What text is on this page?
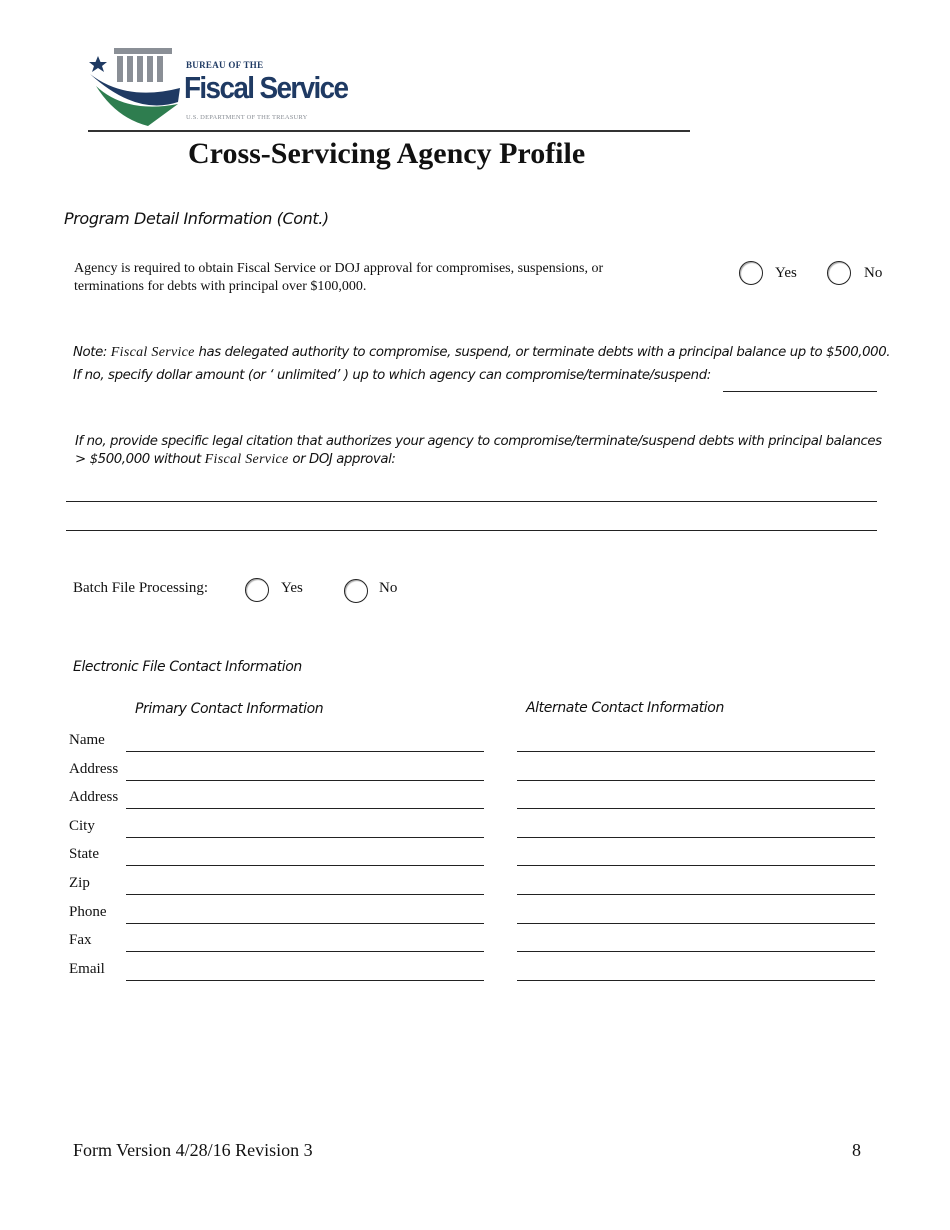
BUREAU OF THE
Fiscal Service
U.S. DEPARTMENT OF THE TREASURY
Cross-Servicing Agency Profile
Program Detail Information (Cont.)
Agency is required to obtain Fiscal Service or DOJ approval for compromises, suspensions, or
terminations for debts with principal over $100,000.
Yes	No
Note: Fiscal Service has delegated authority to compromise, suspend, or terminate debts with a principal balance up to $500,000.
If no, specify dollar amount (or ‘ unlimited’ ) up to which agency can compromise/terminate/suspend:
If no, provide specific legal citation that authorizes your agency to compromise/terminate/suspend debts with principal balances
> $500,000 without Fiscal Service or DOJ approval:
Batch File Processing:	Yes	No
Electronic File Contact Information
Primary Contact Information	Alternate Contact Information
Name
Address
Address
City
State
Zip
Phone
Fax
Email
Form Version 4/28/16 Revision 3	8
